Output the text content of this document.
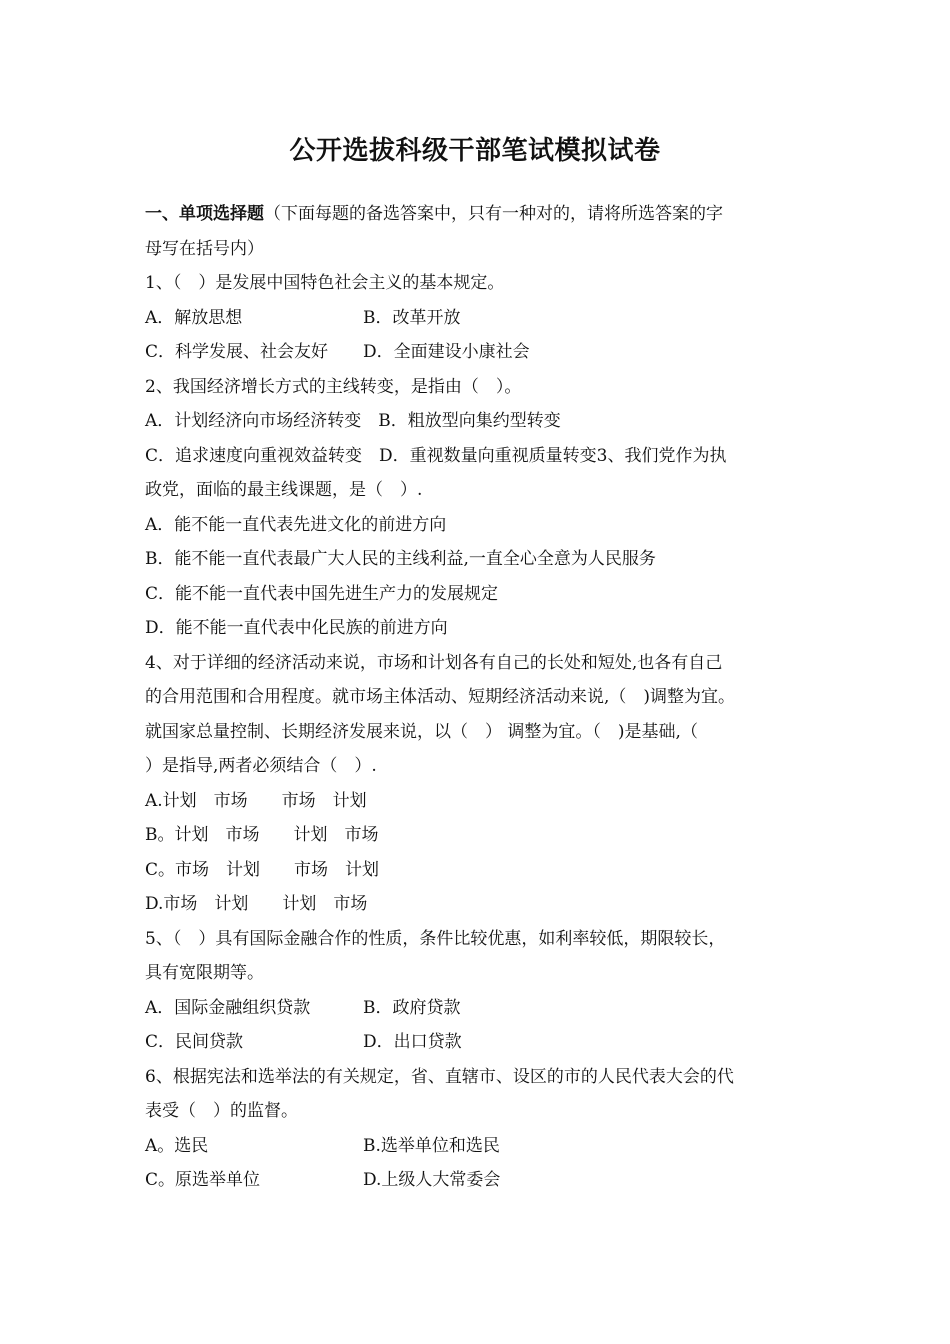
公开选拔科级干部笔试模拟试卷
一、单项选择题（下面每题的备选答案中，只有一种对的，请将所选答案的字
母写在括号内）
1、（　）是发展中国特色社会主义的基本规定。
A．解放思想	B．改革开放
C．科学发展、社会友好 D．全面建设小康社会
2、我国经济增长方式的主线转变，是指由（　）。
A．计划经济向市场经济转变　B．粗放型向集约型转变
C．追求速度向重视效益转变　D．重视数量向重视质量转变3、我们党作为执
政党，面临的最主线课题，是（　）.
A．能不能一直代表先进文化的前进方向
B．能不能一直代表最广大人民的主线利益,一直全心全意为人民服务
C．能不能一直代表中国先进生产力的发展规定
D．能不能一直代表中化民族的前进方向
4、对于详细的经济活动来说，市场和计划各有自己的长处和短处,也各有自己
的合用范围和合用程度。就市场主体活动、短期经济活动来说,（　)调整为宜。
就国家总量控制、长期经济发展来说，以（　） 调整为宜。（　)是基础,（
）是指导,两者必须结合（　）.
A.计划　市场　　市场　计划
B。计划　市场　　计划　市场
C。市场　计划　　市场　计划
D.市场　计划　　计划　市场
5、（　）具有国际金融合作的性质，条件比较优惠，如利率较低，期限较长，
具有宽限期等。
A．国际金融组织贷款	B．政府贷款
C．民间贷款	D．出口贷款
6、根据宪法和选举法的有关规定，省、直辖市、设区的市的人民代表大会的代
表受（　）的监督。
A。选民	B.选举单位和选民
C。原选举单位	D.上级人大常委会
